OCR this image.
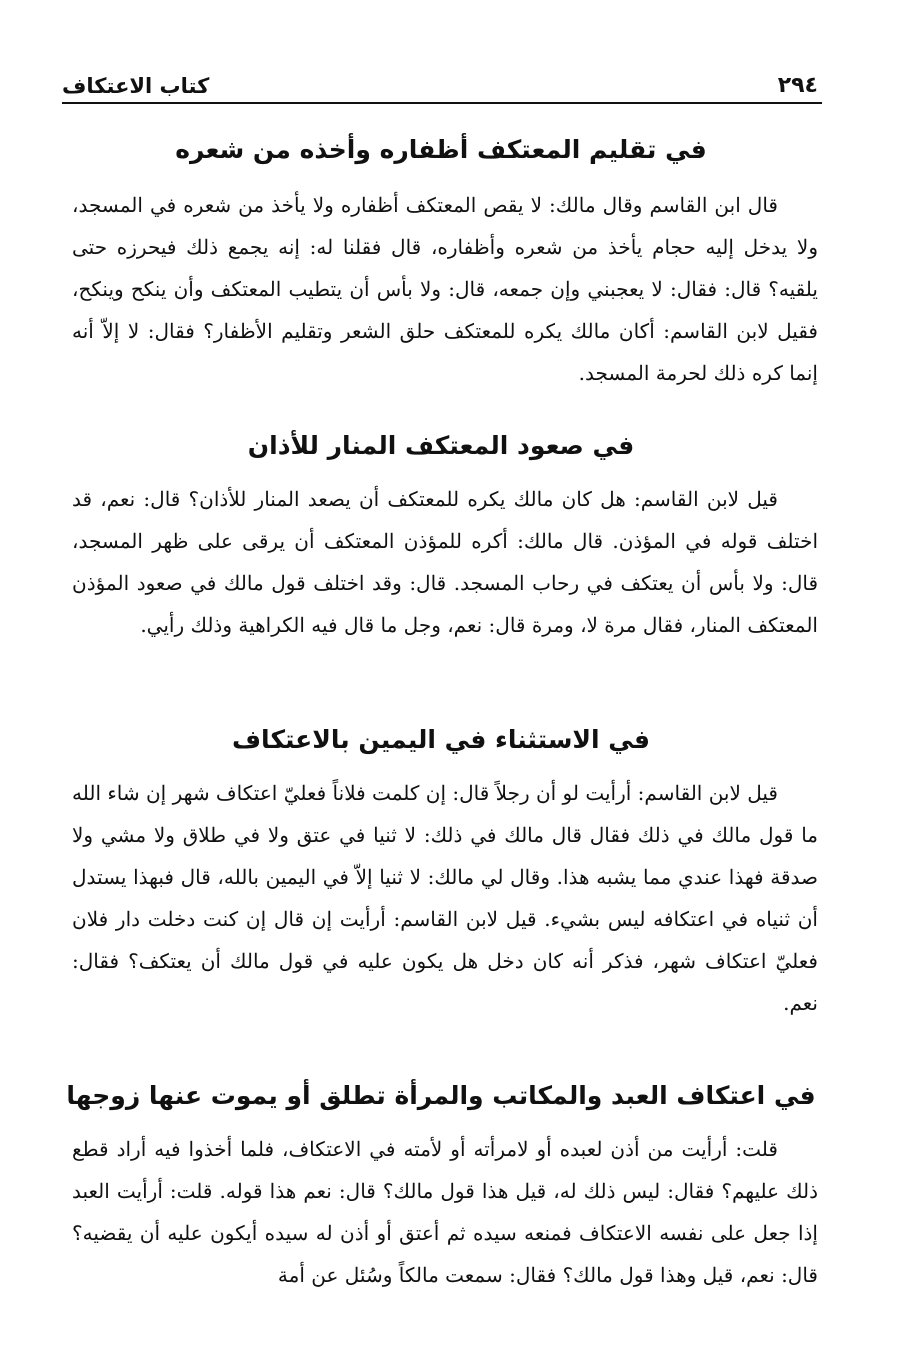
كتاب الاعتكاف	٢٩٤
في تقليم المعتكف أظفاره وأخذه من شعره
قال ابن القاسم وقال مالك: لا يقص المعتكف أظفاره ولا يأخذ من شعره في المسجد، ولا يدخل إليه حجام يأخذ من شعره وأظفاره، قال فقلنا له: إنه يجمع ذلك فيحرزه حتى يلقيه؟ قال: فقال: لا يعجبني وإن جمعه، قال: ولا بأس أن يتطيب المعتكف وأن ينكح وينكح، فقيل لابن القاسم: أكان مالك يكره للمعتكف حلق الشعر وتقليم الأظفار؟ فقال: لا إلاّ أنه إنما كره ذلك لحرمة المسجد.
في صعود المعتكف المنار للأذان
قيل لابن القاسم: هل كان مالك يكره للمعتكف أن يصعد المنار للأذان؟ قال: نعم، قد اختلف قوله في المؤذن. قال مالك: أكره للمؤذن المعتكف أن يرقى على ظهر المسجد، قال: ولا بأس أن يعتكف في رحاب المسجد. قال: وقد اختلف قول مالك في صعود المؤذن المعتكف المنار، فقال مرة لا، ومرة قال: نعم، وجل ما قال فيه الكراهية وذلك رأيي.
في الاستثناء في اليمين بالاعتكاف
قيل لابن القاسم: أرأيت لو أن رجلاً قال: إن كلمت فلاناً فعليّ اعتكاف شهر إن شاء الله ما قول مالك في ذلك فقال قال مالك في ذلك: لا ثنيا في عتق ولا في طلاق ولا مشي ولا صدقة فهذا عندي مما يشبه هذا. وقال لي مالك: لا ثنيا إلاّ في اليمين بالله، قال فبهذا يستدل أن ثنياه في اعتكافه ليس بشيء. قيل لابن القاسم: أرأيت إن قال إن كنت دخلت دار فلان فعليّ اعتكاف شهر، فذكر أنه كان دخل هل يكون عليه في قول مالك أن يعتكف؟ فقال: نعم.
في اعتكاف العبد والمكاتب والمرأة تطلق أو يموت عنها زوجها
قلت: أرأيت من أذن لعبده أو لامرأته أو لأمته في الاعتكاف، فلما أخذوا فيه أراد قطع ذلك عليهم؟ فقال: ليس ذلك له، قيل هذا قول مالك؟ قال: نعم هذا قوله. قلت: أرأيت العبد إذا جعل على نفسه الاعتكاف فمنعه سيده ثم أعتق أو أذن له سيده أيكون عليه أن يقضيه؟ قال: نعم، قيل وهذا قول مالك؟ فقال: سمعت مالكاً وسُئل عن أمة
